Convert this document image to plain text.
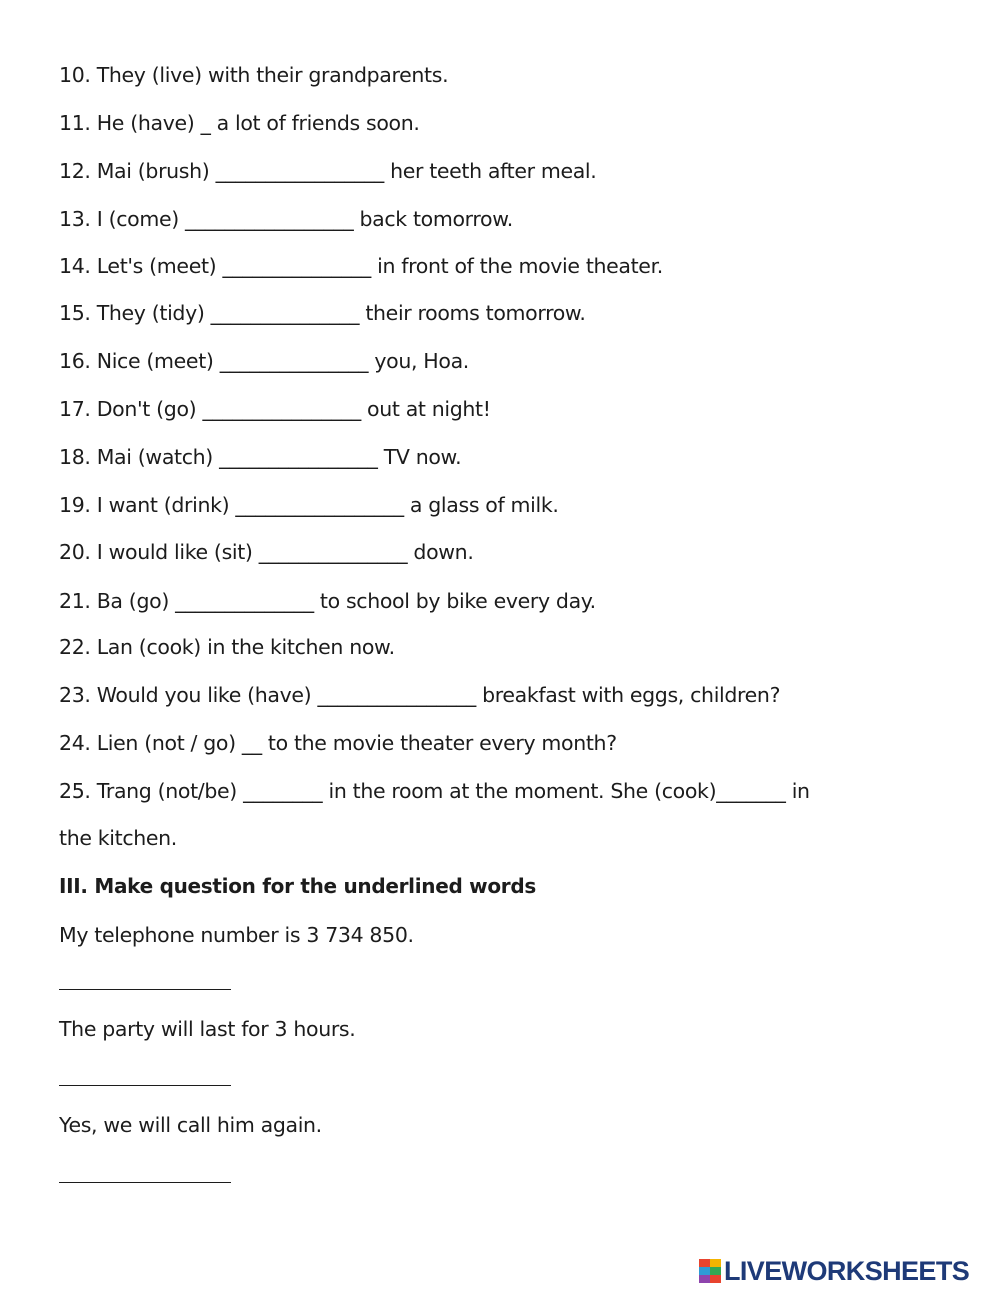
10. They (live) with their grandparents.
11. He (have) _ a lot of friends soon.
12. Mai (brush) _________________ her teeth after meal.
13. I (come) _________________ back tomorrow.
14. Let's (meet) _______________ in front of the movie theater.
15. They (tidy) _______________ their rooms tomorrow.
16. Nice (meet) _______________ you, Hoa.
17. Don't (go) ________________ out at night!
18. Mai (watch) ________________ TV now.
19. I want (drink) _________________ a glass of milk.
20. I would like (sit) _______________ down.
21. Ba (go) ______________ to school by bike every day.
22. Lan (cook) in the kitchen now.
23. Would you like (have) ________________ breakfast with eggs, children?
24. Lien (not / go) __ to the movie theater every month?
25. Trang (not/be) ________ in the room at the moment. She (cook)_______ in
the kitchen.
III. Make question for the underlined words
My telephone number is 3 734 850.
The party will last for 3 hours.
Yes, we will call him again.
LIVEWORKSHEETS
